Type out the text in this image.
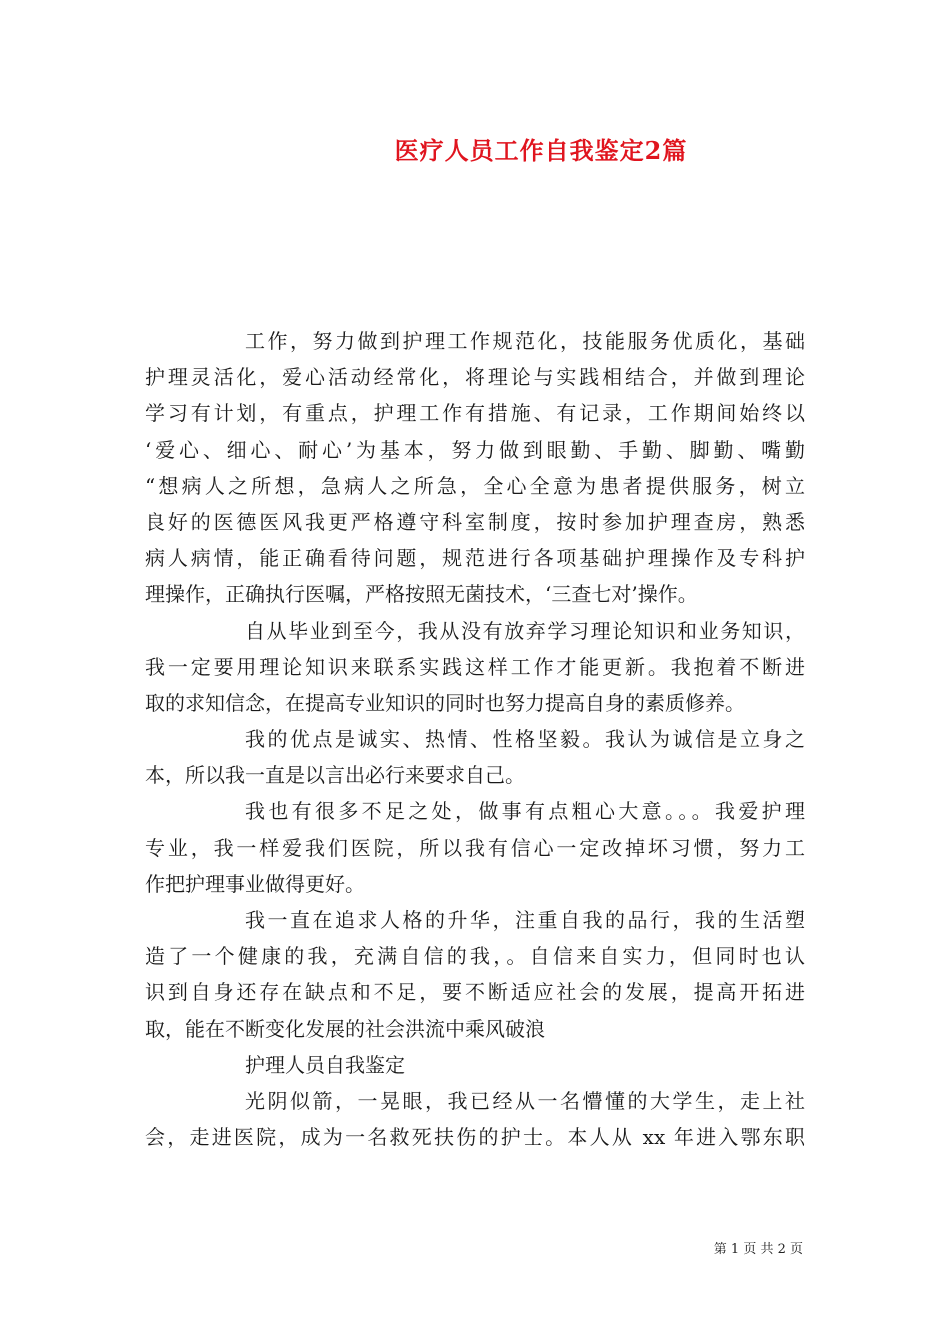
医疗人员工作自我鉴定2篇
工作，努力做到护理工作规范化，技能服务优质化，基础
护理灵活化，爱心活动经常化，将理论与实践相结合，并做到理论
学习有计划，有重点，护理工作有措施、有记录，工作期间始终以
‘爱心、细心、耐心’为基本，努力做到眼勤、手勤、脚勤、嘴勤
“想病人之所想，急病人之所急，全心全意为患者提供服务，树立
良好的医德医风我更严格遵守科室制度，按时参加护理查房，熟悉
病人病情，能正确看待问题，规范进行各项基础护理操作及专科护
理操作，正确执行医嘱，严格按照无菌技术，‘三查七对’操作。
自从毕业到至今，我从没有放弃学习理论知识和业务知识，
我一定要用理论知识来联系实践这样工作才能更新。我抱着不断进
取的求知信念，在提高专业知识的同时也努力提高自身的素质修养。
我的优点是诚实、热情、性格坚毅。我认为诚信是立身之
本，所以我一直是以言出必行来要求自己。
我也有很多不足之处，做事有点粗心大意。。。我爱护理
专业，我一样爱我们医院，所以我有信心一定改掉坏习惯，努力工
作把护理事业做得更好。
我一直在追求人格的升华，注重自我的品行，我的生活塑
造了一个健康的我，充满自信的我，。自信来自实力，但同时也认
识到自身还存在缺点和不足，要不断适应社会的发展，提高开拓进
取，能在不断变化发展的社会洪流中乘风破浪
护理人员自我鉴定
光阴似箭，一晃眼，我已经从一名懵懂的大学生，走上社
会，走进医院，成为一名救死扶伤的护士。本人从 xx 年进入鄂东职
第 1 页 共 2 页
